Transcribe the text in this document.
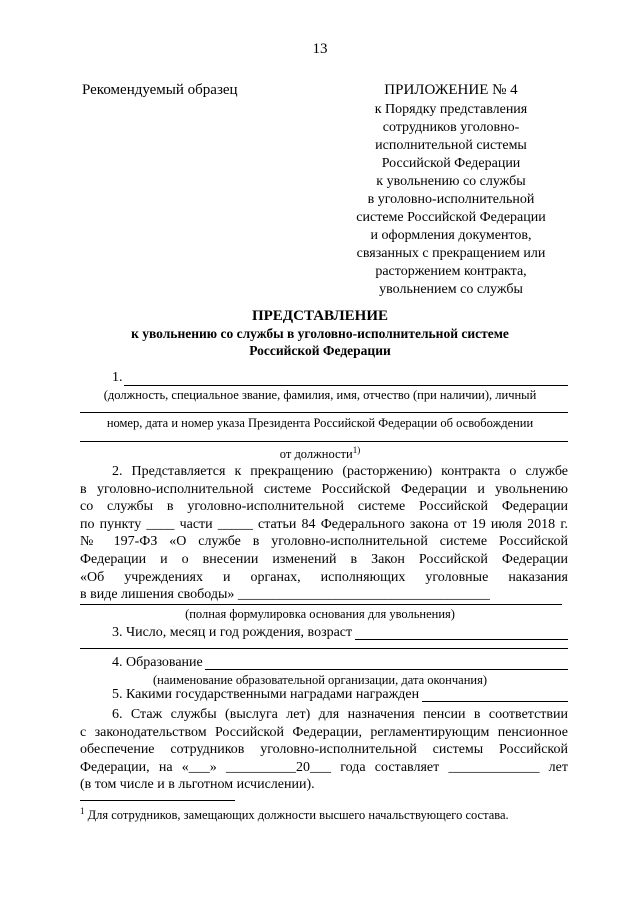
13
Рекомендуемый образец	ПРИЛОЖЕНИЕ № 4
к Порядку представления
сотрудников уголовно-
исполнительной системы
Российской Федерации
к увольнению со службы
в уголовно-исполнительной
системе Российской Федерации
и оформления документов,
связанных с прекращением или
расторжением контракта,
увольнением со службы
ПРЕДСТАВЛЕНИЕ
к увольнению со службы в уголовно-исполнительной системе
Российской Федерации
1.
(должность, специальное звание, фамилия, имя, отчество (при наличии), личный
номер, дата и номер указа Президента Российской Федерации об освобождении
от должности$^{1)}$
2. Представляется к прекращению (расторжению) контракта о службе
в уголовно-исполнительной системе Российской Федерации и увольнению
со службы в уголовно-исполнительной системе Российской Федерации
по пункту ____ части _____ статьи 84 Федерального закона от 19 июля 2018 г.
№ 197-ФЗ «О службе в уголовно-исполнительной системе Российской
Федерации и о внесении изменений в Закон Российской Федерации
«Об учреждениях и органах, исполняющих уголовные наказания
в виде лишения свободы» ____________________________________
(полная формулировка основания для увольнения)
3. Число, месяц и год рождения, возраст
4. Образование
(наименование образовательной организации, дата окончания)
5. Какими государственными наградами награжден
6. Стаж службы (выслуга лет) для назначения пенсии в соответствии
с законодательством Российской Федерации, регламентирующим пенсионное
обеспечение сотрудников уголовно-исполнительной системы Российской
Федерации, на «___» __________20___ года составляет _____________ лет
(в том числе и в льготном исчислении).
$^1$ Для сотрудников, замещающих должности высшего начальствующего состава.
